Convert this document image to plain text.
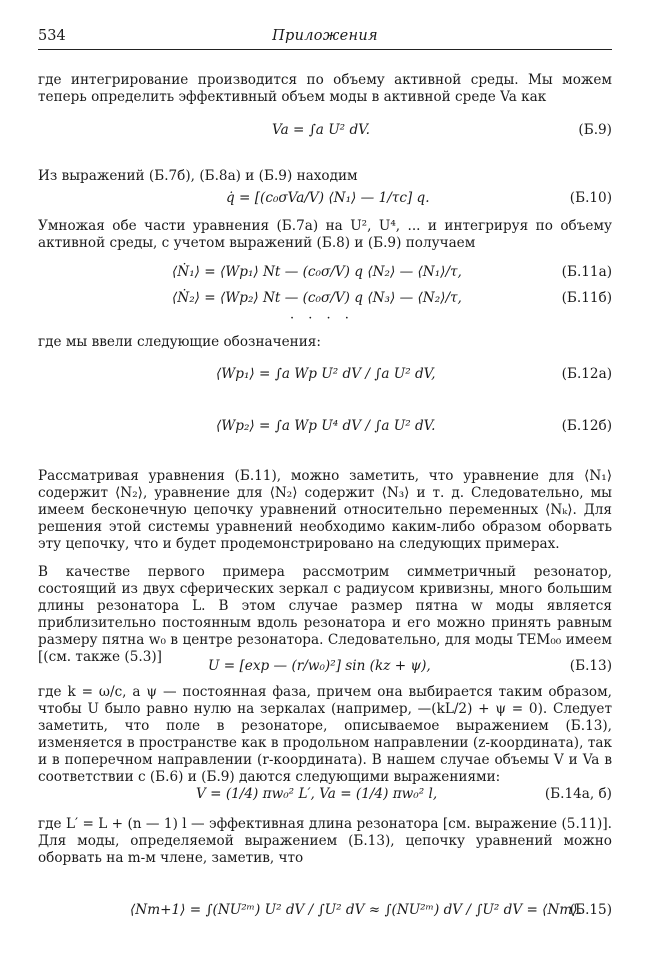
534	Приложения
где интегрирование производится по объему активной среды. Мы можем теперь определить эффективный объем моды в активной среде Va как
Va = ∫a U² dV.	(Б.9)
Из выражений (Б.7б), (Б.8а) и (Б.9) находим
q̇ = [(c₀σVa/V) ⟨N₁⟩ — 1/τc] q.	(Б.10)
Умножая обе части уравнения (Б.7а) на U², U⁴, ... и интегрируя по объему активной среды, с учетом выражений (Б.8) и (Б.9) получаем
⟨Ṅ₁⟩ = ⟨Wp₁⟩ Nt — (c₀σ/V) q ⟨N₂⟩ — ⟨N₁⟩/τ,	(Б.11а)
⟨Ṅ₂⟩ = ⟨Wp₂⟩ Nt — (c₀σ/V) q ⟨N₃⟩ — ⟨N₂⟩/τ,	(Б.11б)
· · · ·
где мы ввели следующие обозначения:
⟨Wp₁⟩ = ∫a Wp U² dV / ∫a U² dV,	(Б.12а)
⟨Wp₂⟩ = ∫a Wp U⁴ dV / ∫a U² dV.	(Б.12б)
Рассматривая уравнения (Б.11), можно заметить, что уравнение для ⟨N₁⟩ содержит ⟨N₂⟩, уравнение для ⟨N₂⟩ содержит ⟨N₃⟩ и т. д. Следовательно, мы имеем бесконечную цепочку уравнений относительно переменных ⟨Nₖ⟩. Для решения этой системы уравнений необходимо каким-либо образом оборвать эту цепочку, что и будет продемонстрировано на следующих примерах.
В качестве первого примера рассмотрим симметричный резонатор, состоящий из двух сферических зеркал с радиусом кривизны, много большим длины резонатора L. В этом случае размер пятна w моды является приблизительно постоянным вдоль резонатора и его можно принять равным размеру пятна w₀ в центре резонатора. Следовательно, для моды TEM₀₀ имеем [(см. также (5.3)]
U = [exp — (r/w₀)²] sin (kz + ψ),	(Б.13)
где k = ω/c, а ψ — постоянная фаза, причем она выбирается таким образом, чтобы U было равно нулю на зеркалах (например, —(kL/2) + ψ = 0). Следует заметить, что поле в резонаторе, описываемое выражением (Б.13), изменяется в пространстве как в продольном направлении (z-координата), так и в поперечном направлении (r-координата). В нашем случае объемы V и Va в соответствии с (Б.6) и (Б.9) даются следующими выражениями:
V = (1/4) πw₀² L′, Va = (1/4) πw₀² l,	(Б.14а, б)
где L′ = L + (n — 1) l — эффективная длина резонатора [см. выражение (5.11)]. Для моды, определяемой выражением (Б.13), цепочку уравнений можно оборвать на m-м члене, заметив, что
⟨Nm+1⟩ = ∫(NU²ᵐ) U² dV / ∫U² dV ≈ ∫(NU²ᵐ) dV / ∫U² dV = ⟨Nm⟩.
(Б.15)
